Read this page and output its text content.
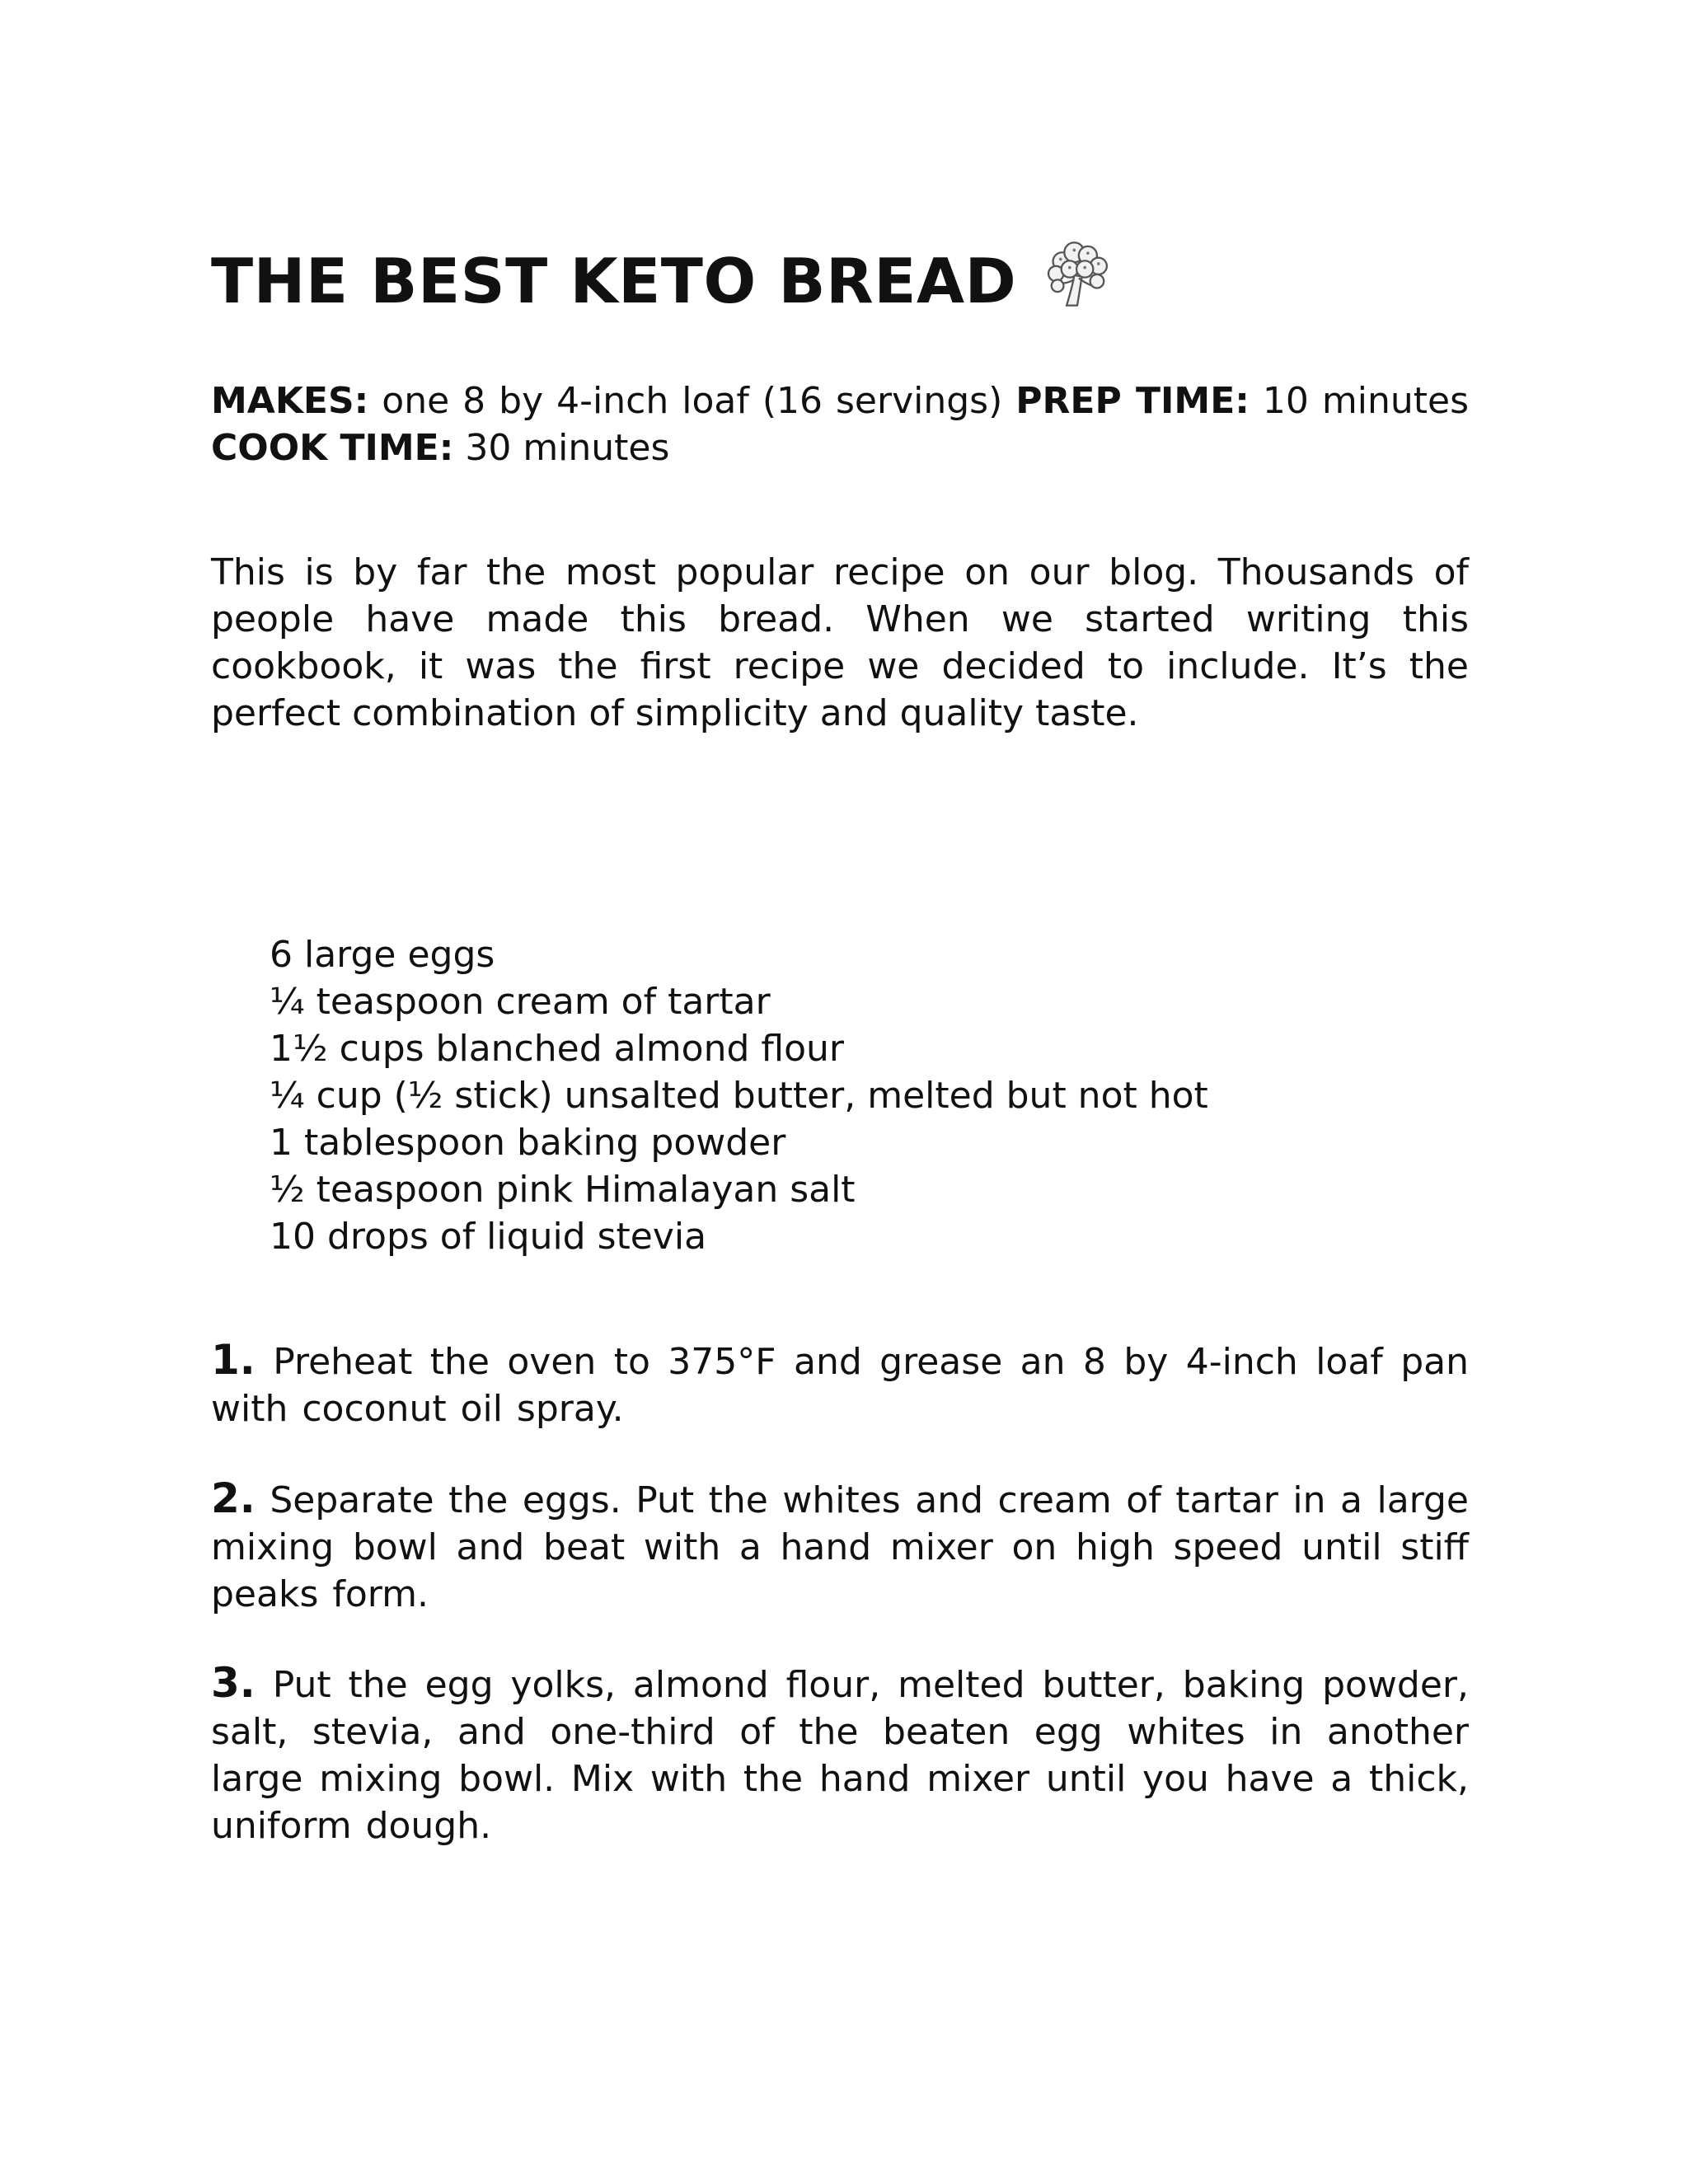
THE BEST KETO BREAD

MAKES: one 8 by 4-inch loaf (16 servings) PREP TIME: 10 minutes COOK TIME: 30 minutes

This is by far the most popular recipe on our blog. Thousands of people have made this bread. When we started writing this cookbook, it was the first recipe we decided to include. It’s the perfect combination of simplicity and quality taste.

6 large eggs
¼ teaspoon cream of tartar
1½ cups blanched almond flour
¼ cup (½ stick) unsalted butter, melted but not hot
1 tablespoon baking powder
½ teaspoon pink Himalayan salt
10 drops of liquid stevia

1. Preheat the oven to 375°F and grease an 8 by 4-inch loaf pan with coconut oil spray.

2. Separate the eggs. Put the whites and cream of tartar in a large mixing bowl and beat with a hand mixer on high speed until stiff peaks form.

3. Put the egg yolks, almond flour, melted butter, baking powder, salt, stevia, and one-third of the beaten egg whites in another large mixing bowl. Mix with the hand mixer until you have a thick, uniform dough.
